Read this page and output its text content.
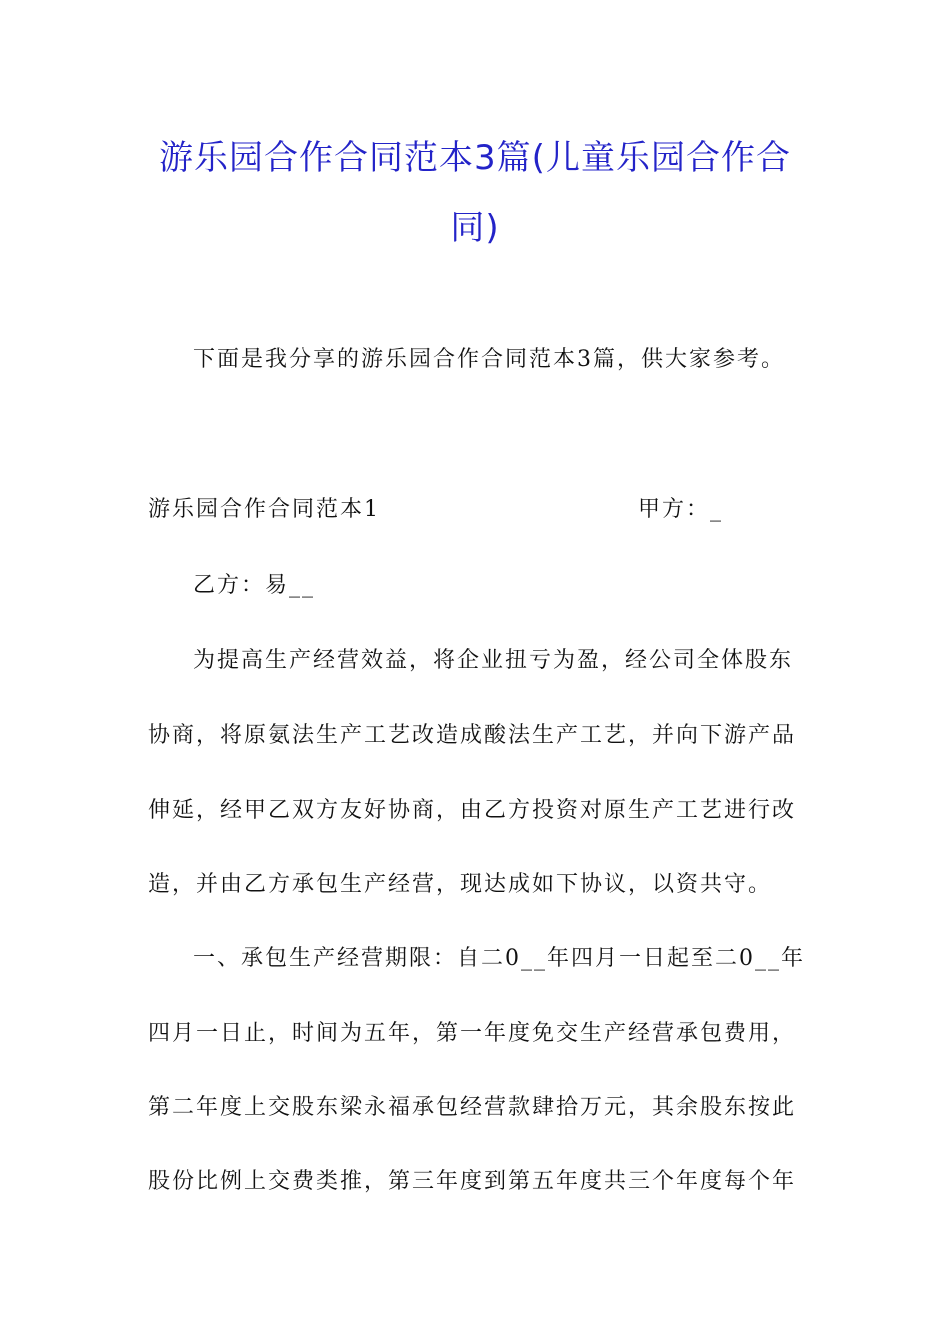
游乐园合作合同范本3篇(儿童乐园合作合
同)
下面是我分享的游乐园合作合同范本3篇，供大家参考。
游乐园合作合同范本1	甲方：_
乙方：易__
为提高生产经营效益，将企业扭亏为盈，经公司全体股东
协商，将原氨法生产工艺改造成酸法生产工艺，并向下游产品
伸延，经甲乙双方友好协商，由乙方投资对原生产工艺进行改
造，并由乙方承包生产经营，现达成如下协议，以资共守。
一、承包生产经营期限：自二0__年四月一日起至二0__年
四月一日止，时间为五年，第一年度免交生产经营承包费用，
第二年度上交股东梁永福承包经营款肆拾万元，其余股东按此
股份比例上交费类推，第三年度到第五年度共三个年度每个年
